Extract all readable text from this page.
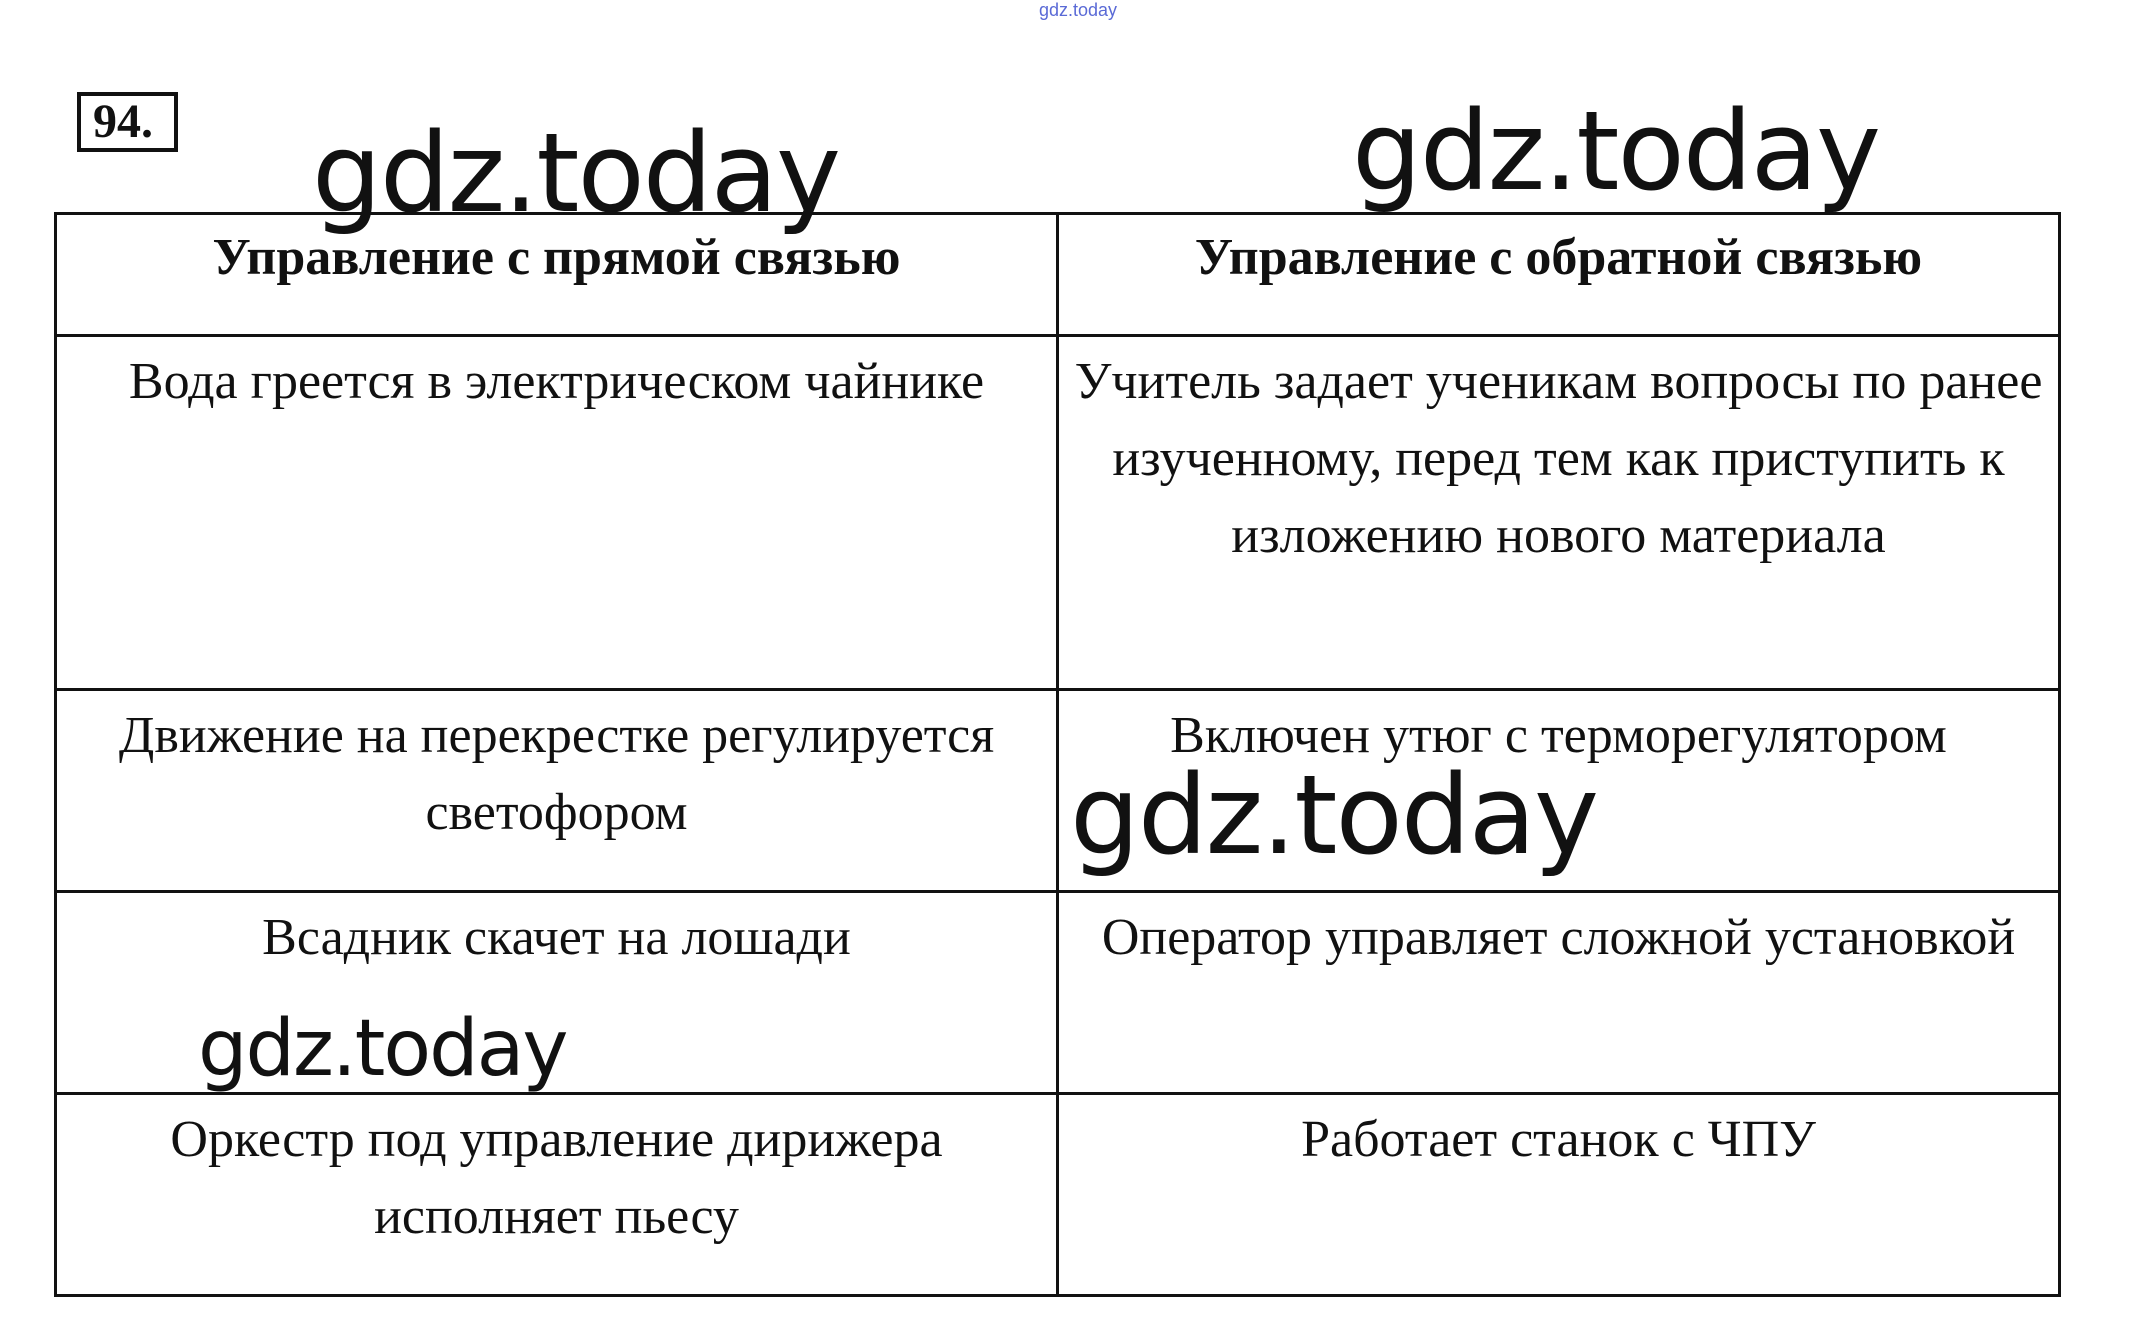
gdz.today
94. gdz.today	gdz.today
gdz.today
gdz.today
Управление с прямой связью	Управление с обратной связью
Вода греется в электрическом чайнике	Учитель задает ученикам вопросы по ранее изученному, перед тем как приступить к изложению нового материала
Движение на перекрестке регулируется светофором	Включен утюг с терморегулятором
Всадник скачет на лошади	Оператор управляет сложной установкой
Оркестр под управление дирижера исполняет пьесу	Работает станок с ЧПУ
